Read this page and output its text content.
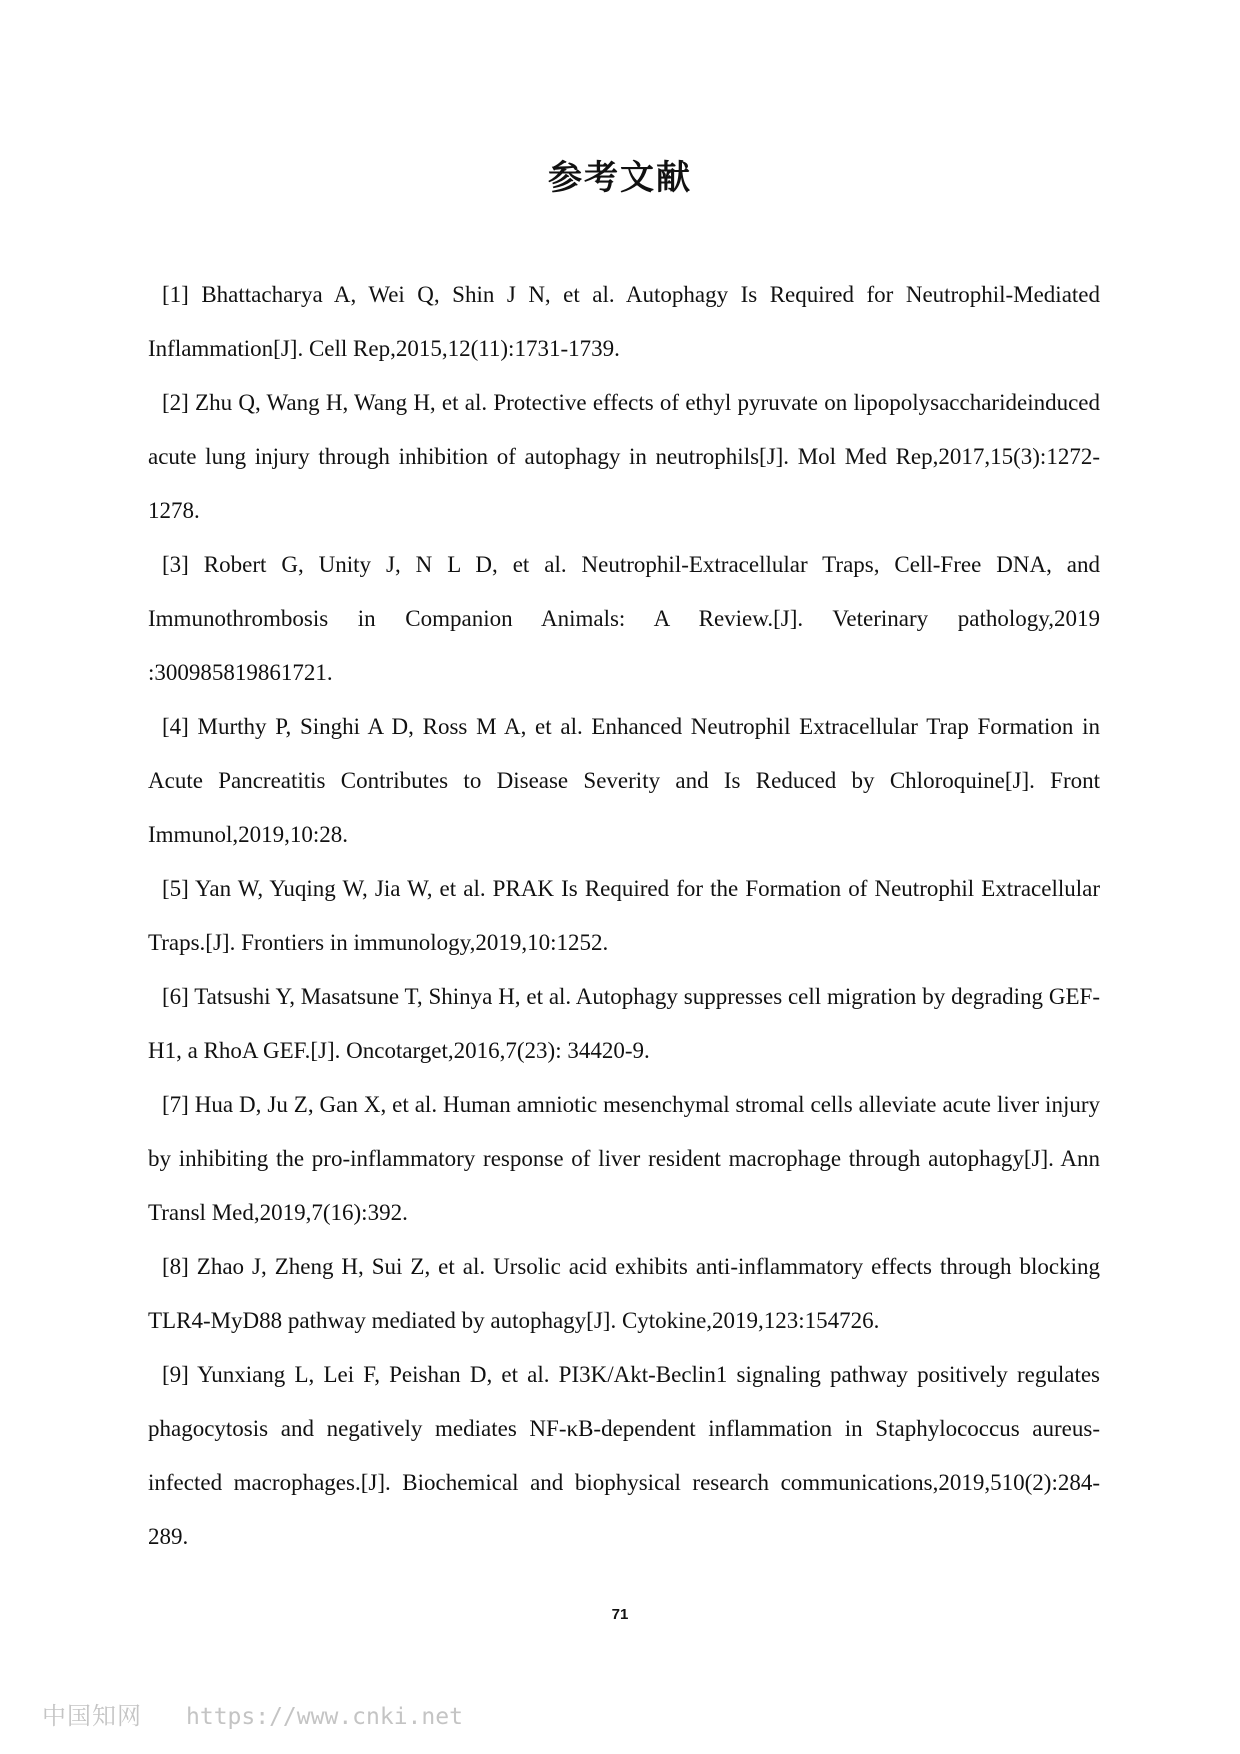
参考文献

[1] Bhattacharya A, Wei Q, Shin J N, et al. Autophagy Is Required for Neutrophil-Mediated Inflammation[J]. Cell Rep,2015,12(11):1731-1739.

[2] Zhu Q, Wang H, Wang H, et al. Protective effects of ethyl pyruvate on lipopolysaccharideinduced acute lung injury through inhibition of autophagy in neutrophils[J]. Mol Med Rep,2017,15(3):1272-1278.

[3] Robert G, Unity J, N L D, et al. Neutrophil-Extracellular Traps, Cell-Free DNA, and Immunothrombosis in Companion Animals: A Review.[J]. Veterinary pathology,2019 :300985819861721.

[4] Murthy P, Singhi A D, Ross M A, et al. Enhanced Neutrophil Extracellular Trap Formation in Acute Pancreatitis Contributes to Disease Severity and Is Reduced by Chloroquine[J]. Front Immunol,2019,10:28.

[5] Yan W, Yuqing W, Jia W, et al. PRAK Is Required for the Formation of Neutrophil Extracellular Traps.[J]. Frontiers in immunology,2019,10:1252.

[6] Tatsushi Y, Masatsune T, Shinya H, et al. Autophagy suppresses cell migration by degrading GEF-H1, a RhoA GEF.[J]. Oncotarget,2016,7(23): 34420-9.

[7] Hua D, Ju Z, Gan X, et al. Human amniotic mesenchymal stromal cells alleviate acute liver injury by inhibiting the pro-inflammatory response of liver resident macrophage through autophagy[J]. Ann Transl Med,2019,7(16):392.

[8] Zhao J, Zheng H, Sui Z, et al. Ursolic acid exhibits anti-inflammatory effects through blocking TLR4-MyD88 pathway mediated by autophagy[J]. Cytokine,2019,123:154726.

[9] Yunxiang L, Lei F, Peishan D, et al. PI3K/Akt-Beclin1 signaling pathway positively regulates phagocytosis and negatively mediates NF-κB-dependent inflammation in Staphylococcus aureus-infected macrophages.[J]. Biochemical and biophysical research communications,2019,510(2):284-289.

71
中国知网 https://www.cnki.net
